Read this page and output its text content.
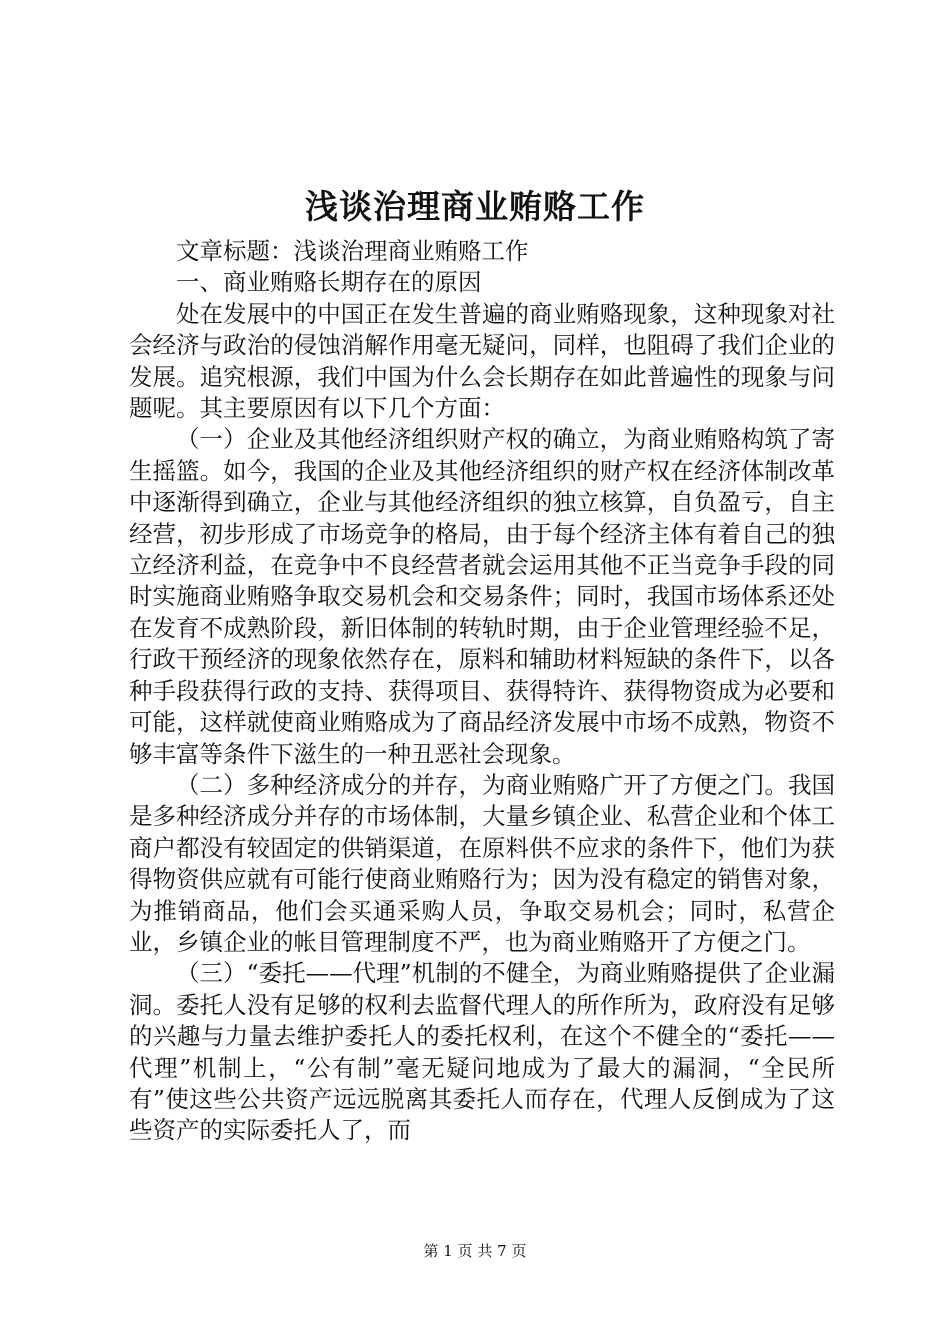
浅谈治理商业贿赂工作

文章标题：浅谈治理商业贿赂工作

一、商业贿赂长期存在的原因

处在发展中的中国正在发生普遍的商业贿赂现象，这种现象对社会经济与政治的侵蚀消解作用毫无疑问，同样，也阻碍了我们企业的发展。追究根源，我们中国为什么会长期存在如此普遍性的现象与问题呢。其主要原因有以下几个方面：

（一）企业及其他经济组织财产权的确立，为商业贿赂构筑了寄生摇篮。如今，我国的企业及其他经济组织的财产权在经济体制改革中逐渐得到确立，企业与其他经济组织的独立核算，自负盈亏，自主经营，初步形成了市场竞争的格局，由于每个经济主体有着自己的独立经济利益，在竞争中不良经营者就会运用其他不正当竞争手段的同时实施商业贿赂争取交易机会和交易条件；同时，我国市场体系还处在发育不成熟阶段，新旧体制的转轨时期，由于企业管理经验不足，行政干预经济的现象依然存在，原料和辅助材料短缺的条件下，以各种手段获得行政的支持、获得项目、获得特许、获得物资成为必要和可能，这样就使商业贿赂成为了商品经济发展中市场不成熟，物资不够丰富等条件下滋生的一种丑恶社会现象。

（二）多种经济成分的并存，为商业贿赂广开了方便之门。我国是多种经济成分并存的市场体制，大量乡镇企业、私营企业和个体工商户都没有较固定的供销渠道，在原料供不应求的条件下，他们为获得物资供应就有可能行使商业贿赂行为；因为没有稳定的销售对象，为推销商品，他们会买通采购人员，争取交易机会；同时，私营企业，乡镇企业的帐目管理制度不严，也为商业贿赂开了方便之门。

（三）“委托——代理”机制的不健全，为商业贿赂提供了企业漏洞。委托人没有足够的权利去监督代理人的所作所为，政府没有足够的兴趣与力量去维护委托人的委托权利，在这个不健全的“委托——代理”机制上，“公有制”毫无疑问地成为了最大的漏洞，“全民所有”使这些公共资产远远脱离其委托人而存在，代理人反倒成为了这些资产的实际委托人了，而

第 1 页 共 7 页
